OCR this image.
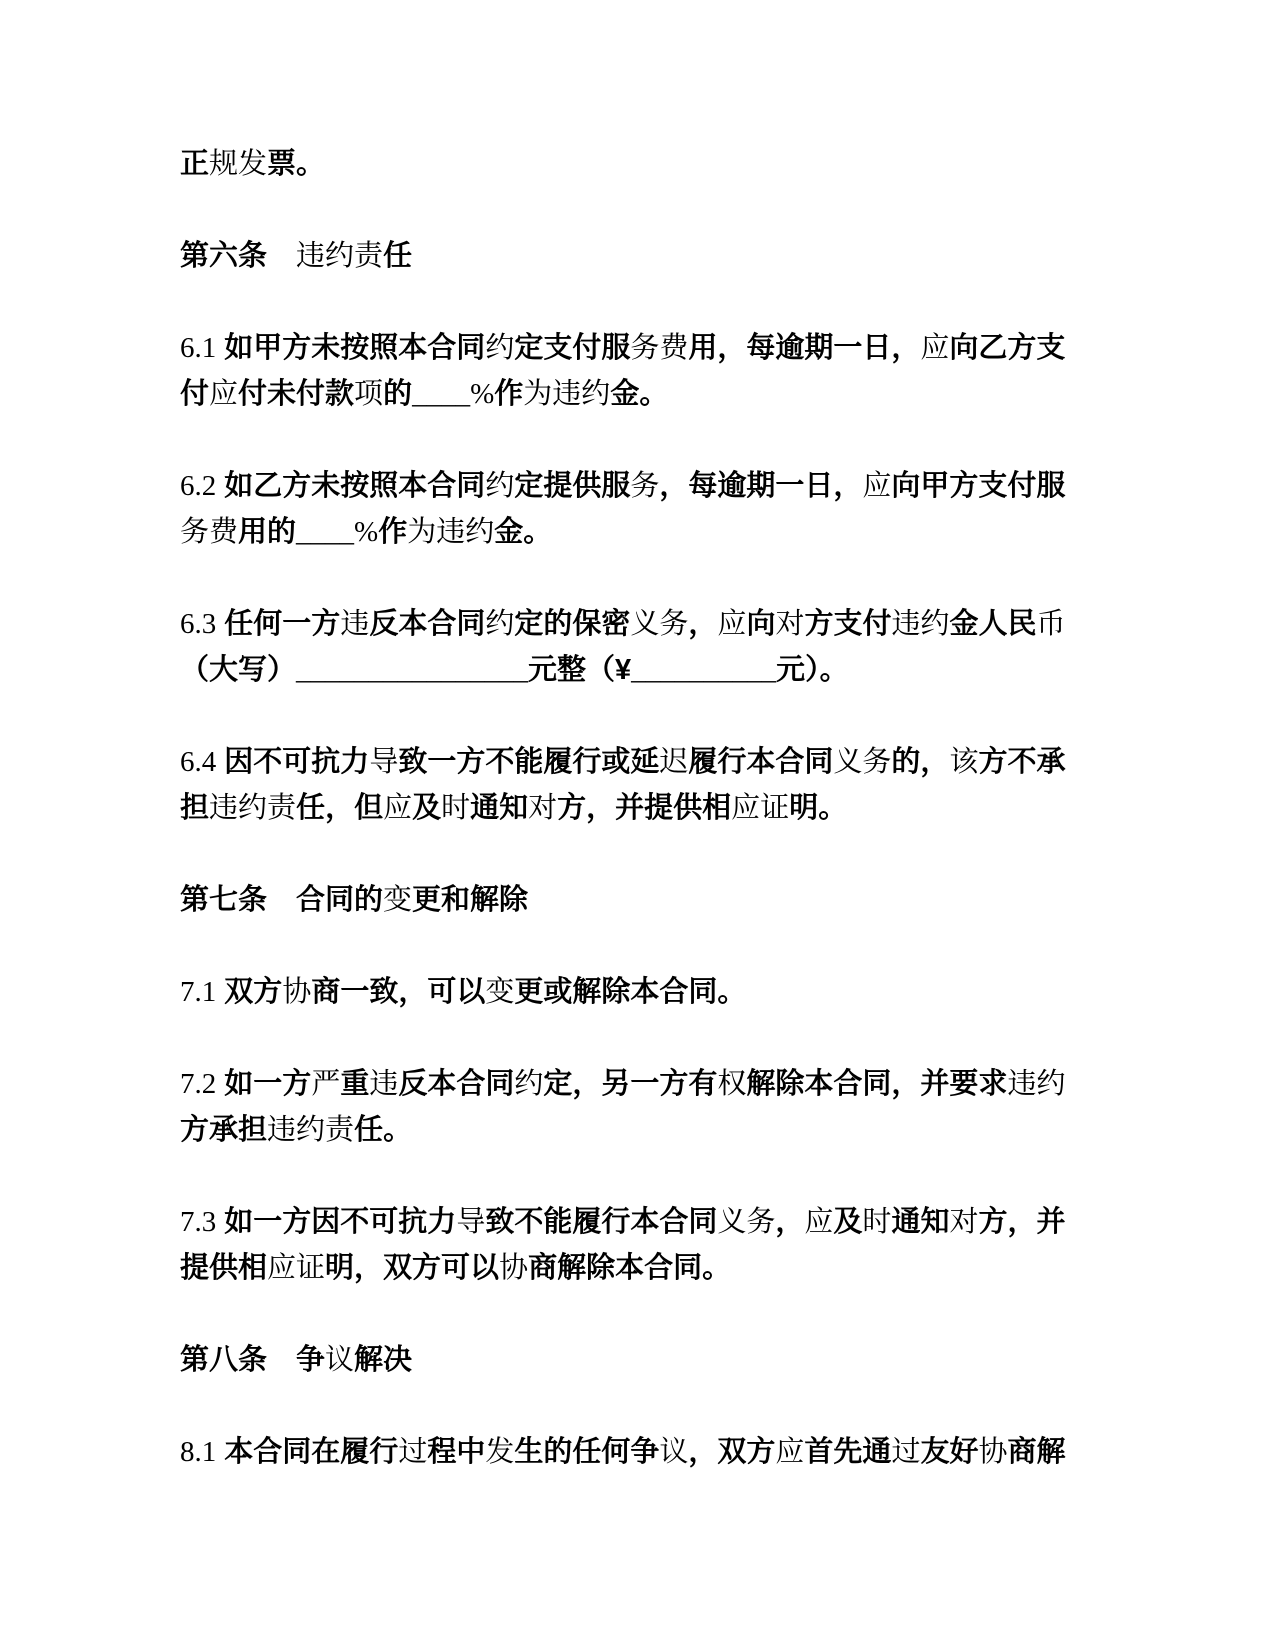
正规发票。
第六条　违约责任
6.1 如甲方未按照本合同约定支付服务费用，每逾期一日，应向乙方支
付应付未付款项的____%作为违约金。
6.2 如乙方未按照本合同约定提供服务，每逾期一日，应向甲方支付服
务费用的____%作为违约金。
6.3 任何一方违反本合同约定的保密义务，应向对方支付违约金人民币
（大写）________________元整（¥__________元）。
6.4 因不可抗力导致一方不能履行或延迟履行本合同义务的，该方不承
担违约责任，但应及时通知对方，并提供相应证明。
第七条　合同的变更和解除
7.1 双方协商一致，可以变更或解除本合同。
7.2 如一方严重违反本合同约定，另一方有权解除本合同，并要求违约
方承担违约责任。
7.3 如一方因不可抗力导致不能履行本合同义务，应及时通知对方，并
提供相应证明，双方可以协商解除本合同。
第八条　争议解决
8.1 本合同在履行过程中发生的任何争议，双方应首先通过友好协商解
